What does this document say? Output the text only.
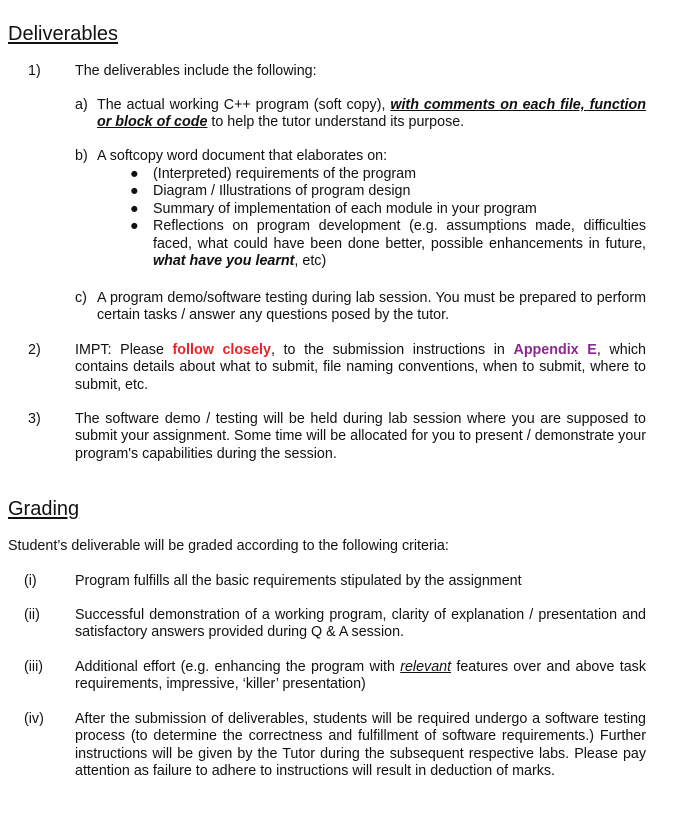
Deliverables
1) The deliverables include the following:
a) The actual working C++ program (soft copy), with comments on each file, function or block of code to help the tutor understand its purpose.
b) A softcopy word document that elaborates on:
● (Interpreted) requirements of the program
● Diagram / Illustrations of program design
● Summary of implementation of each module in your program
● Reflections on program development (e.g. assumptions made, difficulties faced, what could have been done better, possible enhancements in future, what have you learnt, etc)
c) A program demo/software testing during lab session. You must be prepared to perform certain tasks / answer any questions posed by the tutor.
2) IMPT: Please follow closely, to the submission instructions in Appendix E, which contains details about what to submit, file naming conventions, when to submit, where to submit, etc.
3) The software demo / testing will be held during lab session where you are supposed to submit your assignment. Some time will be allocated for you to present / demonstrate your program's capabilities during the session.
Grading
Student’s deliverable will be graded according to the following criteria:
(i)	Program fulfills all the basic requirements stipulated by the assignment
(ii) Successful demonstration of a working program, clarity of explanation / presentation and satisfactory answers provided during Q & A session.
(iii) Additional effort (e.g. enhancing the program with relevant features over and above task requirements, impressive, ‘killer’ presentation)
(iv) After the submission of deliverables, students will be required undergo a software testing process (to determine the correctness and fulfillment of software requirements.) Further instructions will be given by the Tutor during the subsequent respective labs. Please pay attention as failure to adhere to instructions will result in deduction of marks.
